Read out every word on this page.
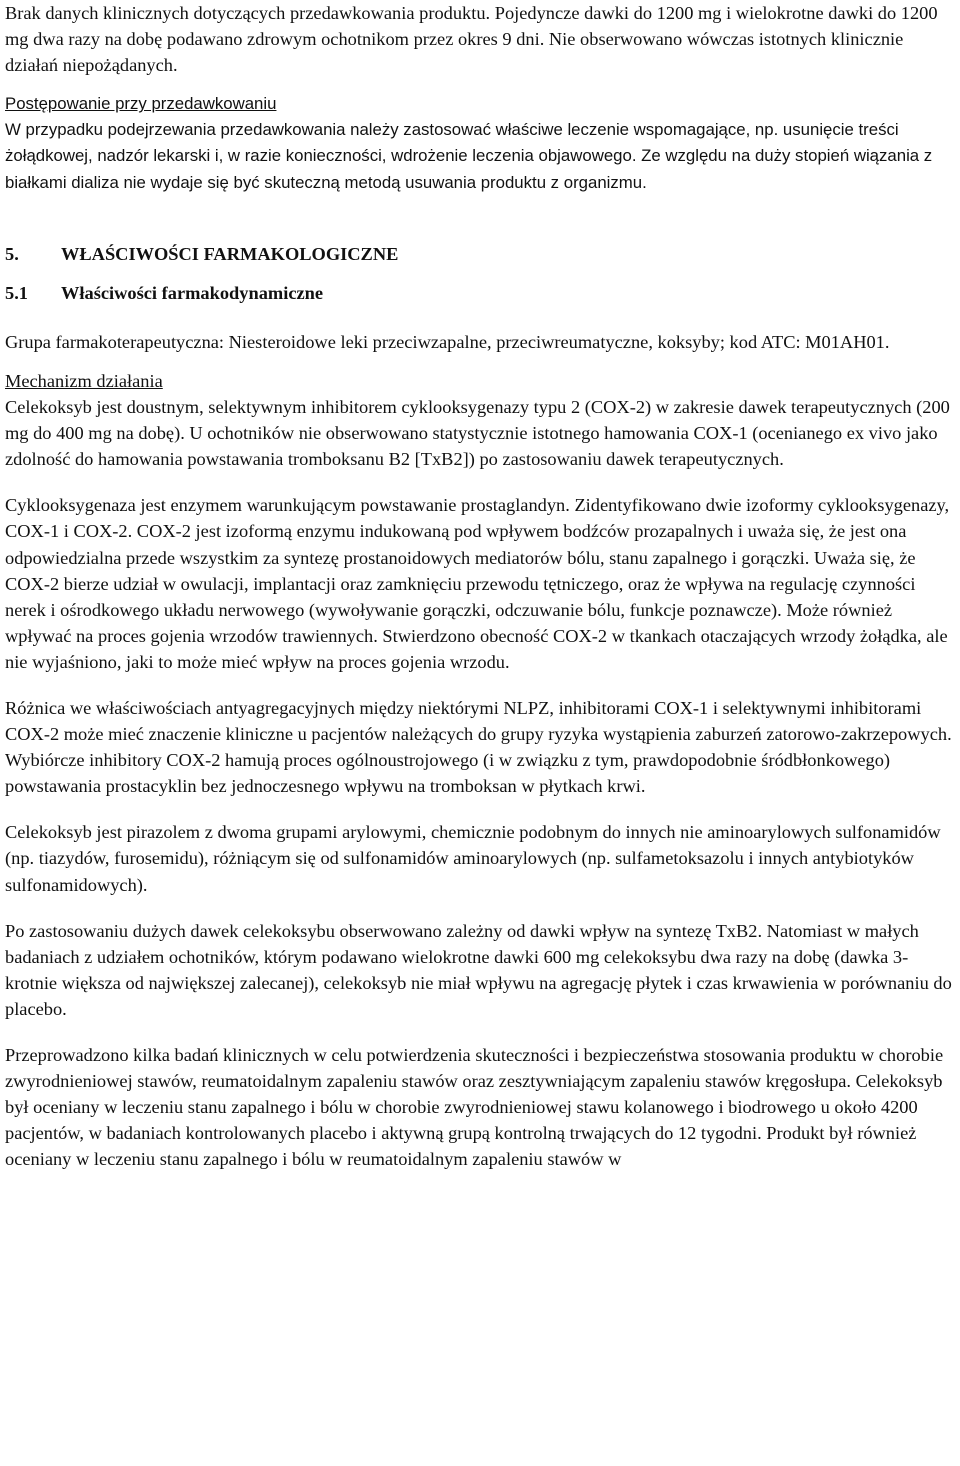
Brak danych klinicznych dotyczących przedawkowania produktu. Pojedyncze dawki do 1200 mg i wielokrotne dawki do 1200 mg dwa razy na dobę podawano zdrowym ochotnikom przez okres 9 dni. Nie obserwowano wówczas istotnych klinicznie działań niepożądanych.

Postępowanie przy przedawkowaniu

W przypadku podejrzewania przedawkowania należy zastosować właściwe leczenie wspomagające, np. usunięcie treści żołądkowej, nadzór lekarski i, w razie konieczności, wdrożenie leczenia objawowego. Ze względu na duży stopień wiązania z białkami dializa nie wydaje się być skuteczną metodą usuwania produktu z organizmu.

5.	WŁAŚCIWOŚCI FARMAKOLOGICZNE
5.1	Właściwości farmakodynamiczne

Grupa farmakoterapeutyczna: Niesteroidowe leki przeciwzapalne, przeciwreumatyczne, koksyby; kod ATC: M01AH01.

Mechanizm działania

Celekoksyb jest doustnym, selektywnym inhibitorem cyklooksygenazy typu 2 (COX-2) w zakresie dawek terapeutycznych (200 mg do 400 mg na dobę). U ochotników nie obserwowano statystycznie istotnego hamowania COX-1 (ocenianego ex vivo jako zdolność do hamowania powstawania tromboksanu B2 [TxB2]) po zastosowaniu dawek terapeutycznych.

Cyklooksygenaza jest enzymem warunkującym powstawanie prostaglandyn. Zidentyfikowano dwie izoformy cyklooksygenazy, COX-1 i COX-2. COX-2 jest izoformą enzymu indukowaną pod wpływem bodźców prozapalnych i uważa się, że jest ona odpowiedzialna przede wszystkim za syntezę prostanoidowych mediatorów bólu, stanu zapalnego i gorączki. Uważa się, że COX-2 bierze udział w owulacji, implantacji oraz zamknięciu przewodu tętniczego, oraz że wpływa na regulację czynności nerek i ośrodkowego układu nerwowego (wywoływanie gorączki, odczuwanie bólu, funkcje poznawcze). Może również wpływać na proces gojenia wrzodów trawiennych. Stwierdzono obecność COX-2 w tkankach otaczających wrzody żołądka, ale nie wyjaśniono, jaki to może mieć wpływ na proces gojenia wrzodu.

Różnica we właściwościach antyagregacyjnych między niektórymi NLPZ, inhibitorami COX-1 i selektywnymi inhibitorami COX-2 może mieć znaczenie kliniczne u pacjentów należących do grupy ryzyka wystąpienia zaburzeń zatorowo-zakrzepowych. Wybiórcze inhibitory COX-2 hamują proces ogólnoustrojowego (i w związku z tym, prawdopodobnie śródbłonkowego) powstawania prostacyklin bez jednoczesnego wpływu na tromboksan w płytkach krwi.

Celekoksyb jest pirazolem z dwoma grupami arylowymi, chemicznie podobnym do innych nie aminoarylowych sulfonamidów (np. tiazydów, furosemidu), różniącym się od sulfonamidów aminoarylowych (np. sulfametoksazolu i innych antybiotyków sulfonamidowych).

Po zastosowaniu dużych dawek celekoksybu obserwowano zależny od dawki wpływ na syntezę TxB2. Natomiast w małych badaniach z udziałem ochotników, którym podawano wielokrotne dawki 600 mg celekoksybu dwa razy na dobę (dawka 3-krotnie większa od największej zalecanej), celekoksyb nie miał wpływu na agregację płytek i czas krwawienia w porównaniu do placebo.

Przeprowadzono kilka badań klinicznych w celu potwierdzenia skuteczności i bezpieczeństwa stosowania produktu w chorobie zwyrodnieniowej stawów, reumatoidalnym zapaleniu stawów oraz zesztywniającym zapaleniu stawów kręgosłupa. Celekoksyb był oceniany w leczeniu stanu zapalnego i bólu w chorobie zwyrodnieniowej stawu kolanowego i biodrowego u około 4200 pacjentów, w badaniach kontrolowanych placebo i aktywną grupą kontrolną trwających do 12 tygodni. Produkt był również oceniany w leczeniu stanu zapalnego i bólu w reumatoidalnym zapaleniu stawów w
